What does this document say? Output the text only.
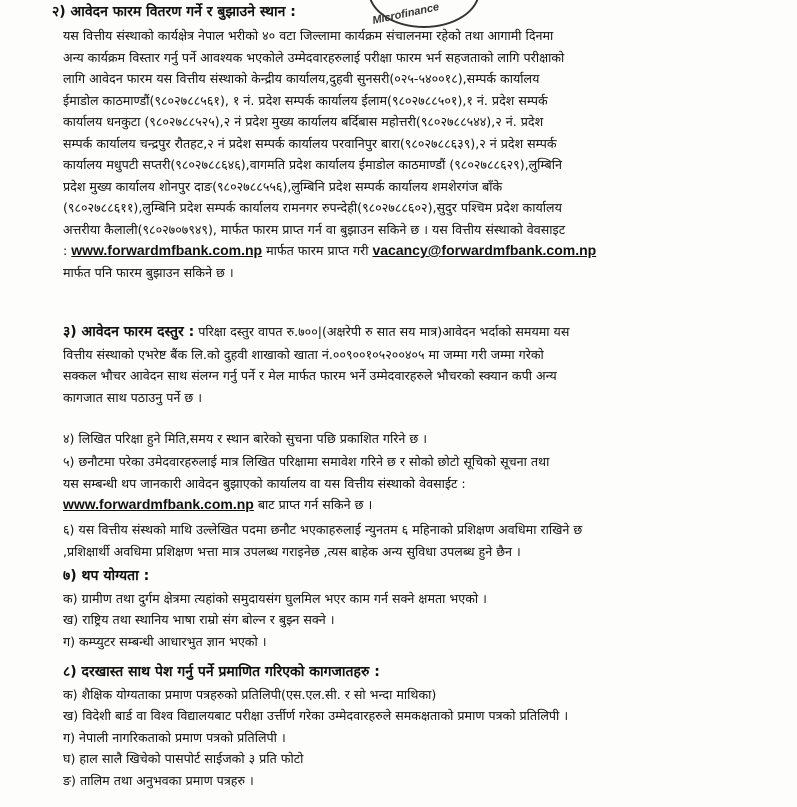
Microfinance
२) आवेदन फारम वितरण गर्ने र बुझाउने स्थान :
यस वित्तीय संस्थाको कार्यक्षेत्र नेपाल भरीको ४० वटा जिल्लामा कार्यक्रम संचालनमा रहेको तथा आगामी दिनमा
अन्य कार्यक्रम विस्तार गर्नु पर्ने आवश्यक भएकोले उम्मेदवारहरुलाई परीक्षा फारम भर्न सहजताको लागि परीक्षाको
लागि आवेदन फारम यस वित्तीय संस्थाको केन्द्रीय कार्यालय,दुहवी सुनसरी(०२५-५४००१८),सम्पर्क कार्यालय
ईमाडोल काठमाण्डौं(९८०२७८८५६१), १ नं. प्रदेश सम्पर्क कार्यालय ईलाम(९८०२७८८५०१),१ नं. प्रदेश सम्पर्क
कार्यालय धनकुटा (९८०२७८८५२५),२ नं प्रदेश मुख्य कार्यालय बर्दिबास महोत्तरी(९८०२७८८५४४),२ नं. प्रदेश
सम्पर्क कार्यालय चन्द्रपुर रौतहट,२ नं प्रदेश सम्पर्क कार्यालय परवानिपुर बारा(९८०२७८८६३९),२ नं प्रदेश सम्पर्क
कार्यालय मधुपटी सप्तरी(९८०२७८८६४६),वागमति प्रदेश कार्यालय ईमाडोल काठमाण्डौं (९८०२७८८६२९),लुम्बिनि
प्रदेश मुख्य कार्यालय शोनपुर दाङ(९८०२७८८५५६),लुम्बिनि प्रदेश सम्पर्क कार्यालय शमशेरगंज बाँके
(९८०२७८८६११),लुम्बिनि प्रदेश सम्पर्क कार्यालय रामनगर रुपन्देही(९८०२७८८६०२),सुदुर पश्चिम प्रदेश कार्यालय
अत्तरीया कैलाली(९८०२७०७९४९), मार्फत फारम प्राप्त गर्न वा बुझाउन सकिने छ । यस वित्तीय संस्थाको वेवसाइट
: www.forwardmfbank.com.np मार्फत फारम प्राप्त गरी vacancy@forwardmfbank.com.np
मार्फत पनि फारम बुझाउन सकिने छ ।
३) आवेदन फारम दस्तुर : परिक्षा दस्तुर वापत रु.७००|(अक्षरेपी रु सात सय मात्र)आवेदन भर्दाको समयमा यस
वित्तीय संस्थाको एभरेष्ट बैंक लि.को दुहवी शाखाको खाता नं.००९००१०५२००४०५ मा जम्मा गरी जम्मा गरेको
सक्कल भौचर आवेदन साथ संलग्न गर्नु पर्ने र मेल मार्फत फारम भर्ने उम्मेदवारहरुले भौचरको स्क्यान कपी अन्य
कागजात साथ पठाउनु पर्ने छ ।
४) लिखित परिक्षा हुने मिति,समय र स्थान बारेको सुचना पछि प्रकाशित गरिने छ ।
५) छनौटमा परेका उमेदवारहरुलाई मात्र लिखित परिक्षामा समावेश गरिने छ र सोको छोटो सूचिको सूचना तथा
यस सम्बन्धी थप जानकारी आवेदन बुझाएको कार्यालय वा यस वित्तीय संस्थाको वेवसाईट :
www.forwardmfbank.com.np बाट प्राप्त गर्न सकिने छ ।
६) यस वित्तीय संस्थको माथि उल्लेखित पदमा छनौट भएकाहरुलाई न्युनतम ६ महिनाको प्रशिक्षण अवधिमा राखिने छ
,प्रशिक्षार्थी अवधिमा प्रशिक्षण भत्ता मात्र उपलब्ध गराइनेछ ,त्यस बाहेक अन्य सुविधा उपलब्ध हुने छैन ।
७) थप योग्यता :
क) ग्रामीण तथा दुर्गम क्षेत्रमा त्यहांको समुदायसंग घुलमिल भएर काम गर्न सक्ने क्षमता भएको ।
ख) राष्ट्रिय तथा स्थानिय भाषा राम्रो संग बोल्न र बुझ्न सक्ने ।
ग) कम्प्युटर सम्बन्धी आधारभुत ज्ञान भएको ।
८) दरखास्त साथ पेश गर्नु पर्ने प्रमाणित गरिएको कागजातहरु :
क) शैक्षिक योग्यताका प्रमाण पत्रहरुको प्रतिलिपी(एस.एल.सी. र सो भन्दा माथिका)
ख) विदेशी बार्ड वा विश्व विद्यालयबाट परीक्षा उर्त्तीर्ण गरेका उम्मेदवारहरुले समकक्षताको प्रमाण पत्रको प्रतिलिपी ।
ग) नेपाली नागरिकताको प्रमाण पत्रको प्रतिलिपी ।
घ) हाल सालै खिचेको पासपोर्ट साईजको ३ प्रति फोटो
ङ) तालिम तथा अनुभवका प्रमाण पत्रहरु ।
